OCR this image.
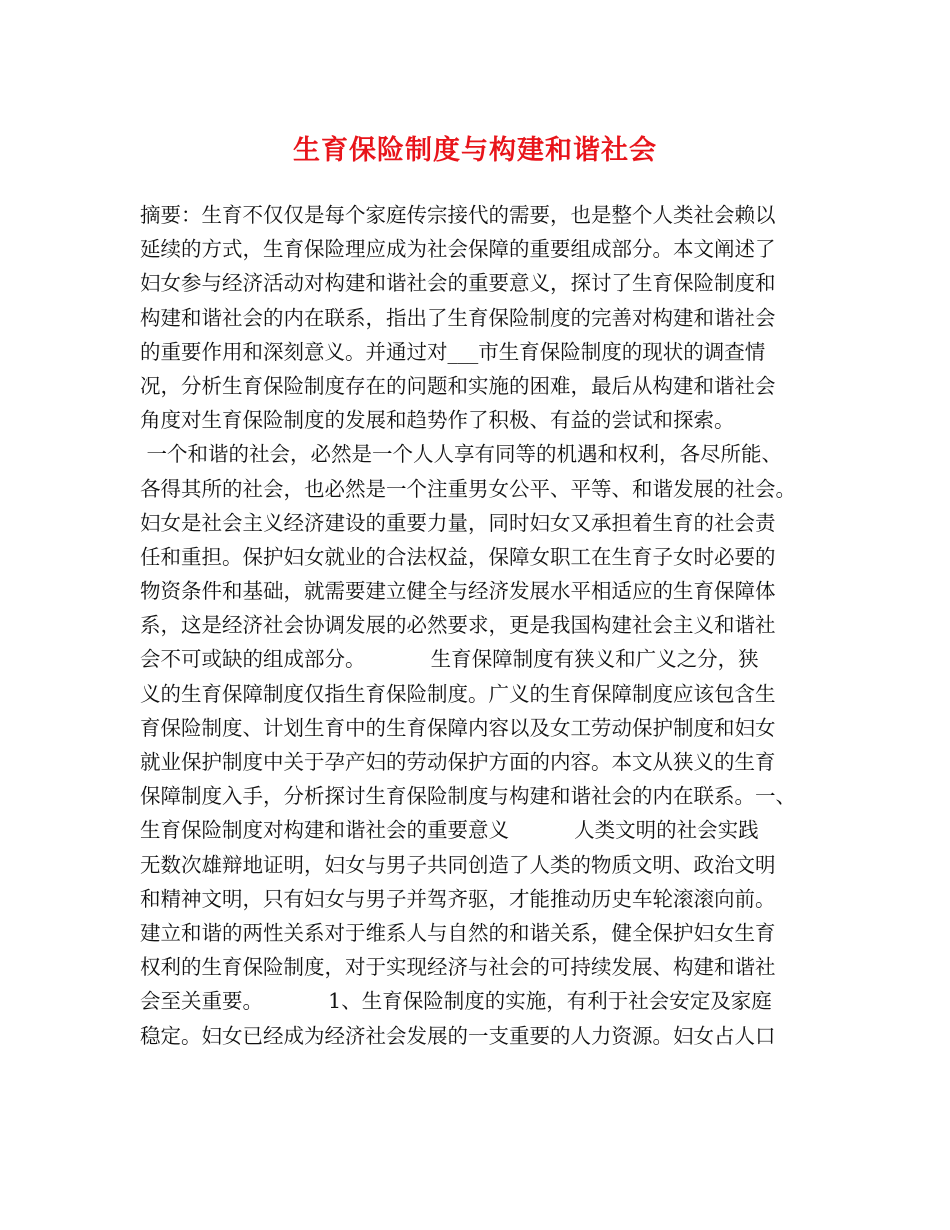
生育保险制度与构建和谐社会
摘要：生育不仅仅是每个家庭传宗接代的需要，也是整个人类社会赖以
延续的方式，生育保险理应成为社会保障的重要组成部分。本文阐述了
妇女参与经济活动对构建和谐社会的重要意义，探讨了生育保险制度和
构建和谐社会的内在联系，指出了生育保险制度的完善对构建和谐社会
的重要作用和深刻意义。并通过对___市生育保险制度的现状的调查情
况，分析生育保险制度存在的问题和实施的困难，最后从构建和谐社会
角度对生育保险制度的发展和趋势作了积极、有益的尝试和探索。
一个和谐的社会，必然是一个人人享有同等的机遇和权利，各尽所能、
各得其所的社会，也必然是一个注重男女公平、平等、和谐发展的社会。
妇女是社会主义经济建设的重要力量，同时妇女又承担着生育的社会责
任和重担。保护妇女就业的合法权益，保障女职工在生育子女时必要的
物资条件和基础，就需要建立健全与经济发展水平相适应的生育保障体
系，这是经济社会协调发展的必然要求，更是我国构建社会主义和谐社
会不可或缺的组成部分。          生育保障制度有狭义和广义之分，狭
义的生育保障制度仅指生育保险制度。广义的生育保障制度应该包含生
育保险制度、计划生育中的生育保障内容以及女工劳动保护制度和妇女
就业保护制度中关于孕产妇的劳动保护方面的内容。本文从狭义的生育
保障制度入手，分析探讨生育保险制度与构建和谐社会的内在联系。一、
生育保险制度对构建和谐社会的重要意义          人类文明的社会实践
无数次雄辩地证明，妇女与男子共同创造了人类的物质文明、政治文明
和精神文明，只有妇女与男子并驾齐驱，才能推动历史车轮滚滚向前。
建立和谐的两性关系对于维系人与自然的和谐关系，健全保护妇女生育
权利的生育保险制度，对于实现经济与社会的可持续发展、构建和谐社
会至关重要。          1、生育保险制度的实施，有利于社会安定及家庭
稳定。妇女已经成为经济社会发展的一支重要的人力资源。妇女占人口
